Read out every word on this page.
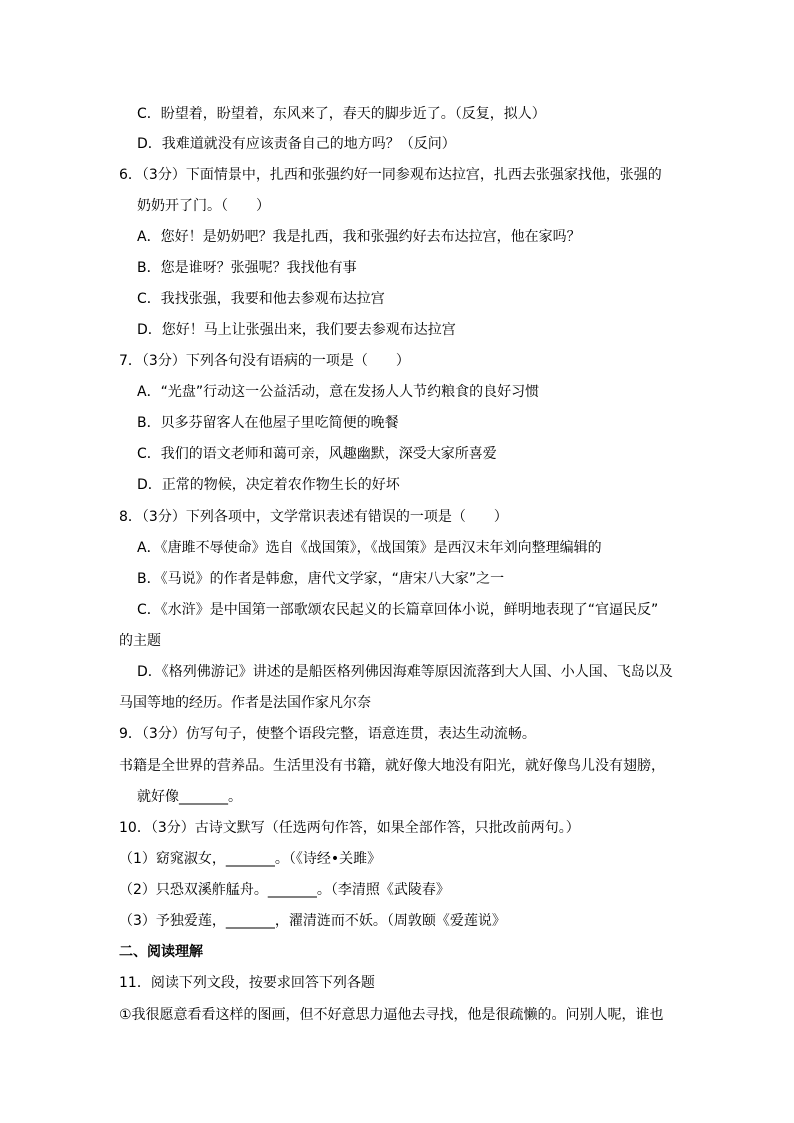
C．盼望着，盼望着，东风来了，春天的脚步近了。（反复，拟人）
D．我难道就没有应该责备自己的地方吗？（反问）
6．（3分）下面情景中，扎西和张强约好一同参观布达拉宫，扎西去张强家找他，张强的
奶奶开了门。（　　）
A．您好！是奶奶吧？我是扎西，我和张强约好去布达拉宫，他在家吗？
B．您是谁呀？张强呢？我找他有事
C．我找张强，我要和他去参观布达拉宫
D．您好！马上让张强出来，我们要去参观布达拉宫
7．（3分）下列各句没有语病的一项是（　　）
A．“光盘”行动这一公益活动，意在发扬人人节约粮食的良好习惯
B．贝多芬留客人在他屋子里吃简便的晚餐
C．我们的语文老师和蔼可亲，风趣幽默，深受大家所喜爱
D．正常的物候，决定着农作物生长的好坏
8．（3分）下列各项中，文学常识表述有错误的一项是（　　）
A．《唐雎不辱使命》选自《战国策》，《战国策》是西汉末年刘向整理编辑的
B．《马说》的作者是韩愈，唐代文学家，“唐宋八大家”之一
C．《水浒》是中国第一部歌颂农民起义的长篇章回体小说，鲜明地表现了“官逼民反”
的主题
D．《格列佛游记》讲述的是船医格列佛因海难等原因流落到大人国、小人国、飞岛以及
马国等地的经历。作者是法国作家凡尔奈
9．（3分）仿写句子，使整个语段完整，语意连贯，表达生动流畅。
书籍是全世界的营养品。生活里没有书籍，就好像大地没有阳光，就好像鸟儿没有翅膀，
就好像_______。
10．（3分）古诗文默写（任选两句作答，如果全部作答，只批改前两句。）
（1）窈窕淑女，_______。（《诗经•关雎》
（2）只恐双溪舴艋舟。_______。（李清照《武陵春》
（3）予独爱莲，_______，濯清涟而不妖。（周敦颐《爱莲说》
二、阅读理解
11．阅读下列文段，按要求回答下列各题
①我很愿意看看这样的图画，但不好意思力逼他去寻找，他是很疏懒的。问别人呢，谁也
